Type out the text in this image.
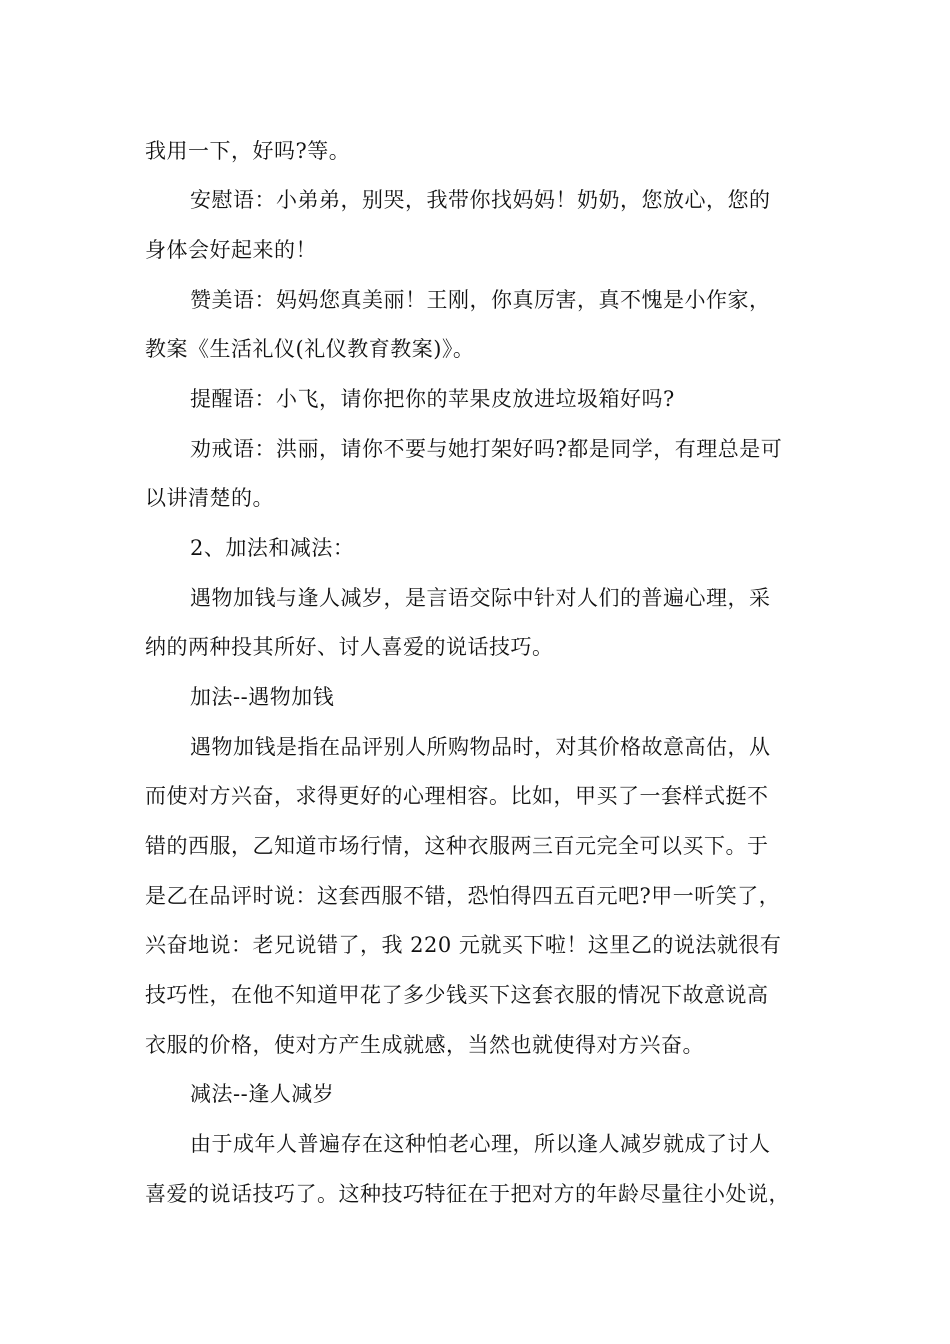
我用一下，好吗?等。

安慰语：小弟弟，别哭，我带你找妈妈！奶奶，您放心，您的

身体会好起来的！

赞美语：妈妈您真美丽！王刚，你真厉害，真不愧是小作家，

教案《生活礼仪(礼仪教育教案)》。

提醒语：小飞，请你把你的苹果皮放进垃圾箱好吗?

劝戒语：洪丽，请你不要与她打架好吗?都是同学，有理总是可

以讲清楚的。

2、加法和减法：

遇物加钱与逢人减岁，是言语交际中针对人们的普遍心理，采

纳的两种投其所好、讨人喜爱的说话技巧。

加法--遇物加钱

遇物加钱是指在品评别人所购物品时，对其价格故意高估，从

而使对方兴奋，求得更好的心理相容。比如，甲买了一套样式挺不

错的西服，乙知道市场行情，这种衣服两三百元完全可以买下。于

是乙在品评时说：这套西服不错，恐怕得四五百元吧?甲一听笑了，

兴奋地说：老兄说错了，我 220 元就买下啦！这里乙的说法就很有

技巧性，在他不知道甲花了多少钱买下这套衣服的情况下故意说高

衣服的价格，使对方产生成就感，当然也就使得对方兴奋。

减法--逢人减岁

由于成年人普遍存在这种怕老心理，所以逢人减岁就成了讨人

喜爱的说话技巧了。这种技巧特征在于把对方的年龄尽量往小处说，
